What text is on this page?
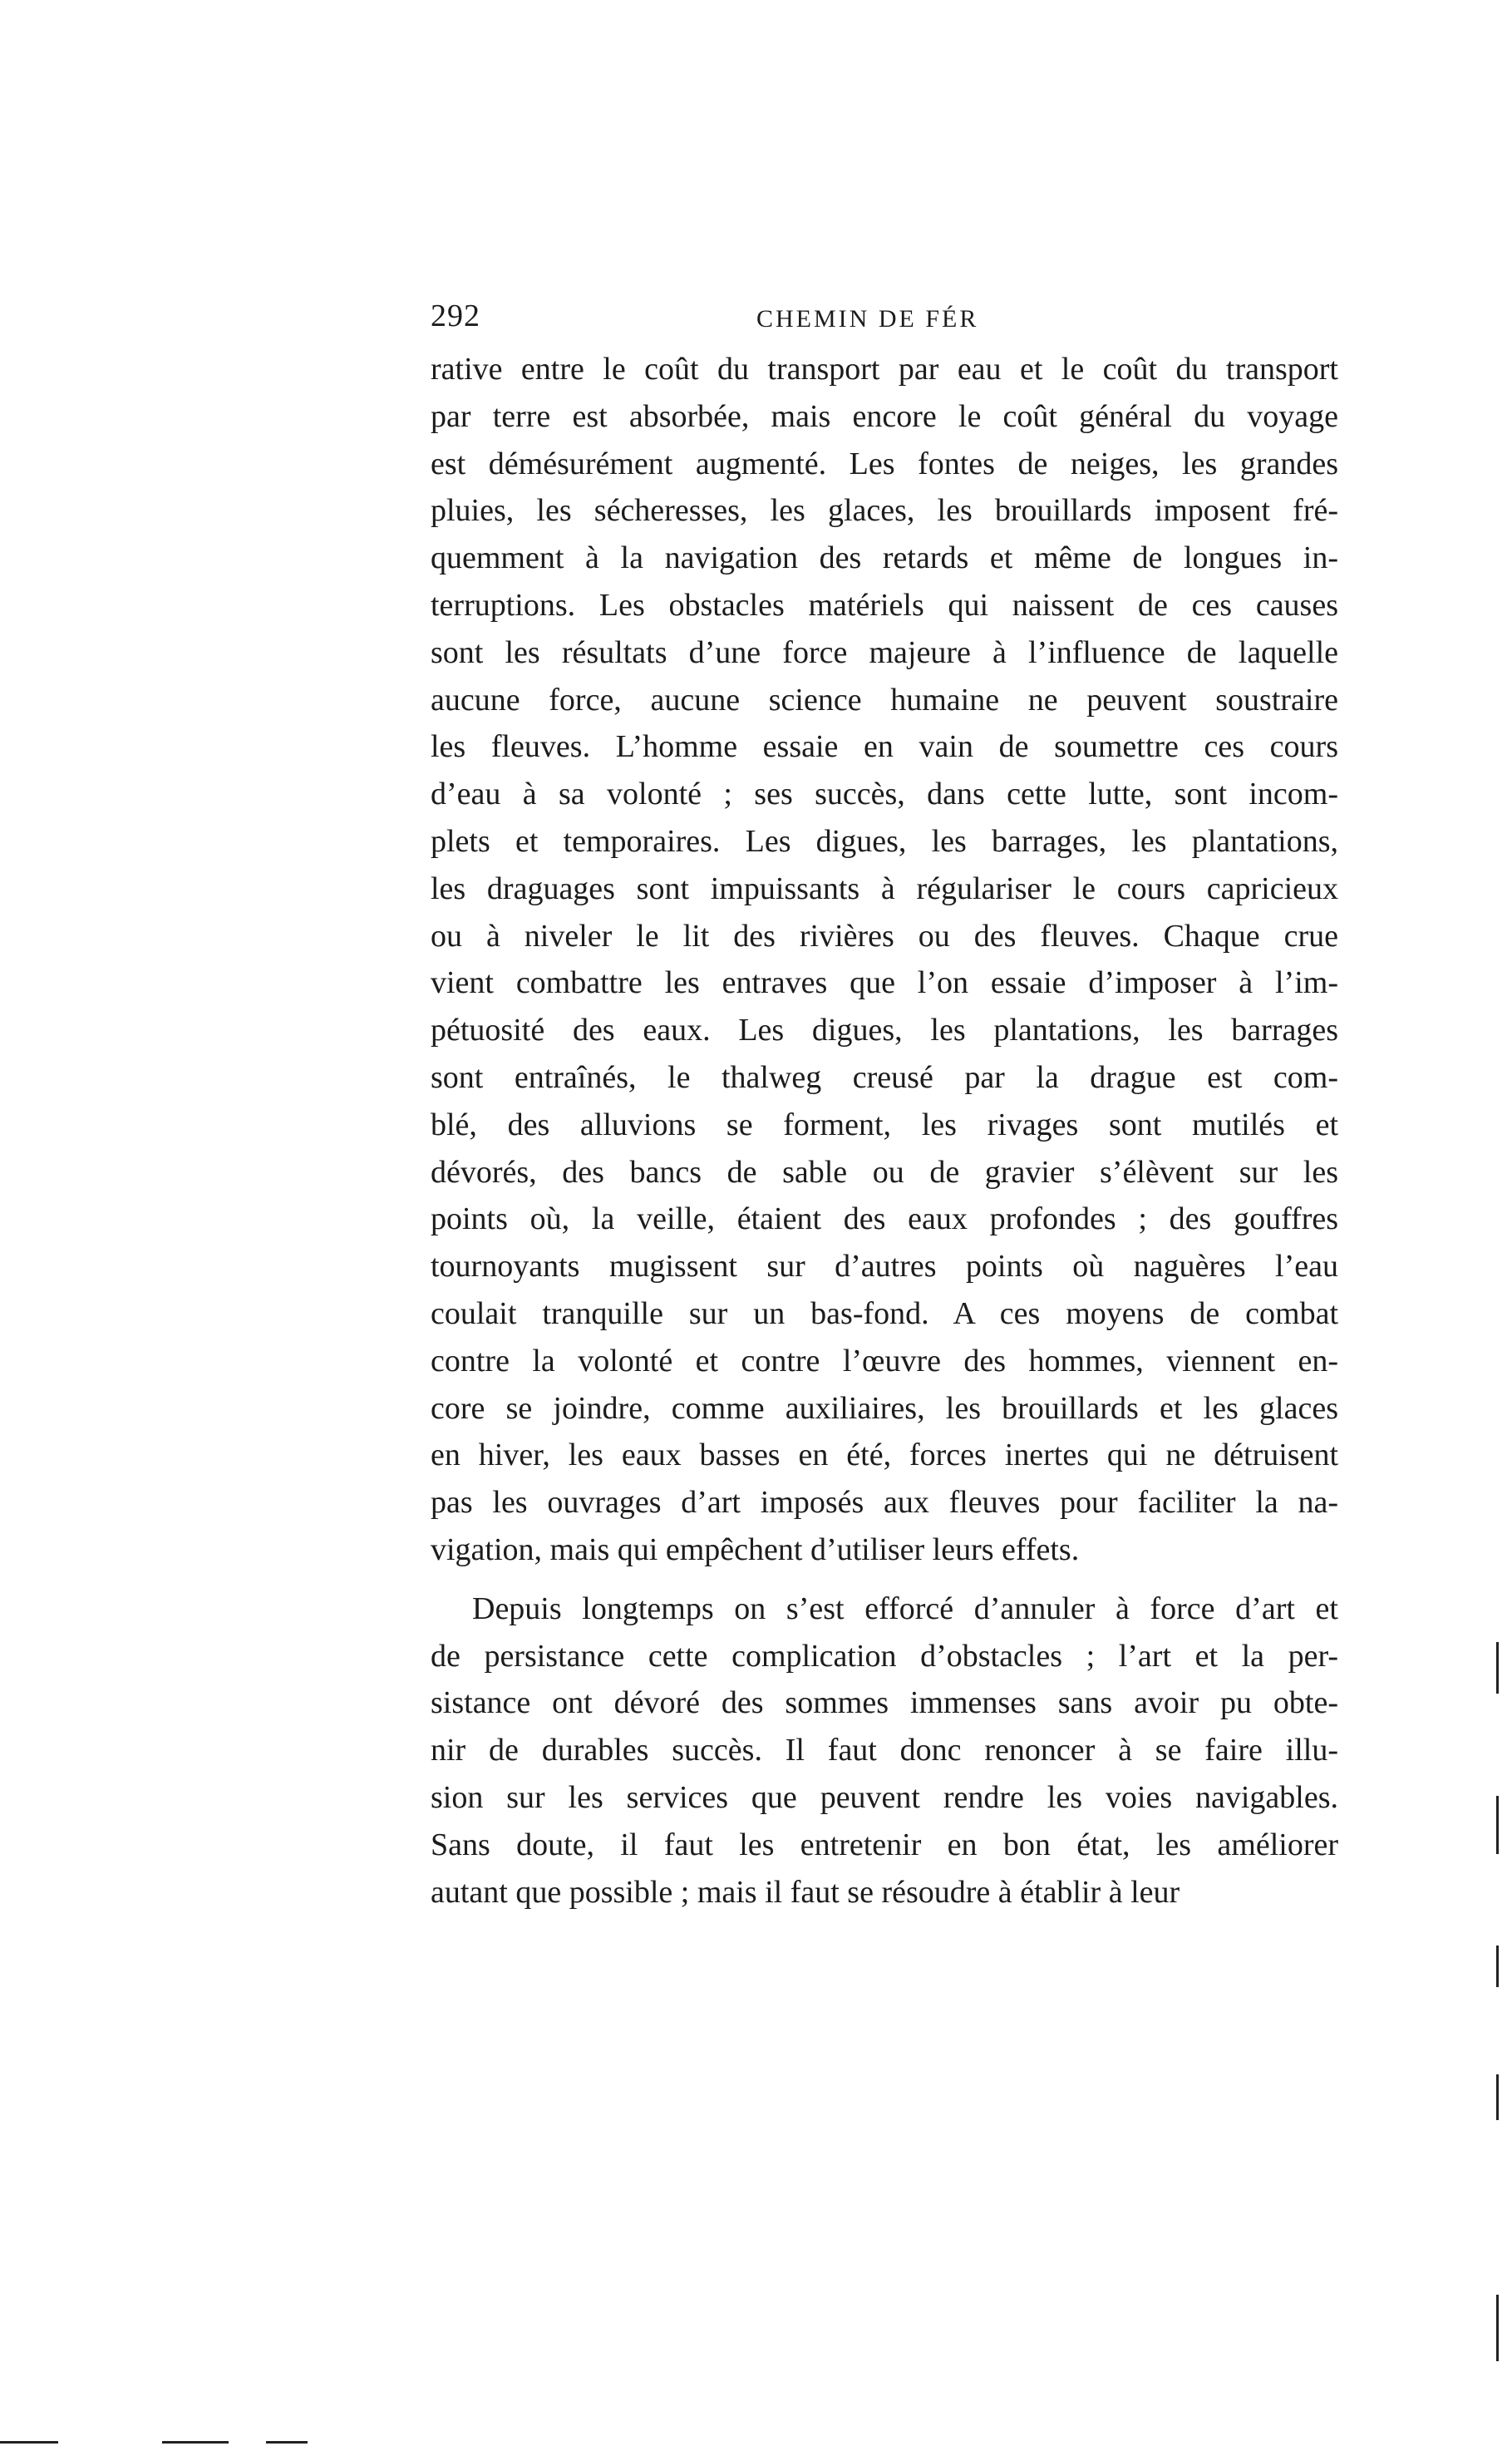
292	CHEMIN DE FÉR
rative entre le coût du transport par eau et le coût du transport
par terre est absorbée, mais encore le coût général du voyage
est démésurément augmenté. Les fontes de neiges, les grandes
pluies, les sécheresses, les glaces, les brouillards imposent fré-
quemment à la navigation des retards et même de longues in-
terruptions. Les obstacles matériels qui naissent de ces causes
sont les résultats d’une force majeure à l’influence de laquelle
aucune force, aucune science humaine ne peuvent soustraire
les fleuves. L’homme essaie en vain de soumettre ces cours
d’eau à sa volonté ; ses succès, dans cette lutte, sont incom-
plets et temporaires. Les digues, les barrages, les plantations,
les draguages sont impuissants à régulariser le cours capricieux
ou à niveler le lit des rivières ou des fleuves. Chaque crue
vient combattre les entraves que l’on essaie d’imposer à l’im-
pétuosité des eaux. Les digues, les plantations, les barrages
sont entraînés, le thalweg creusé par la drague est com-
blé, des alluvions se forment, les rivages sont mutilés et
dévorés, des bancs de sable ou de gravier s’élèvent sur les
points où, la veille, étaient des eaux profondes ; des gouffres
tournoyants mugissent sur d’autres points où naguères l’eau
coulait tranquille sur un bas-fond. A ces moyens de combat
contre la volonté et contre l’œuvre des hommes, viennent en-
core se joindre, comme auxiliaires, les brouillards et les glaces
en hiver, les eaux basses en été, forces inertes qui ne détruisent
pas les ouvrages d’art imposés aux fleuves pour faciliter la na-
vigation, mais qui empêchent d’utiliser leurs effets.
Depuis longtemps on s’est efforcé d’annuler à force d’art et
de persistance cette complication d’obstacles ; l’art et la per-
sistance ont dévoré des sommes immenses sans avoir pu obte-
nir de durables succès. Il faut donc renoncer à se faire illu-
sion sur les services que peuvent rendre les voies navigables.
Sans doute, il faut les entretenir en bon état, les améliorer
autant que possible ; mais il faut se résoudre à établir à leur
